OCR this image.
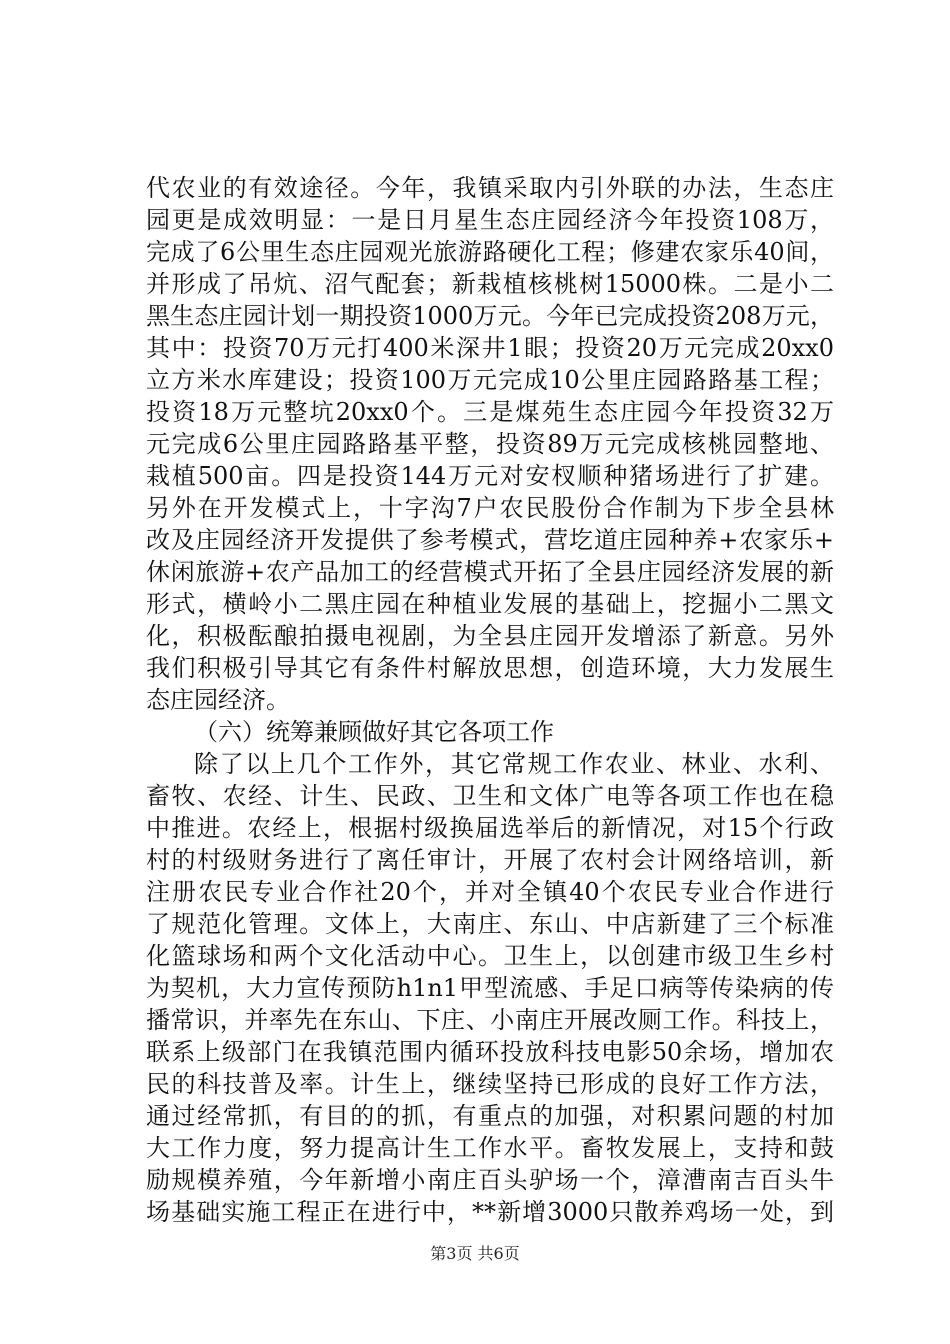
代农业的有效途径。今年，我镇采取内引外联的办法，生态庄
园更是成效明显：一是日月星生态庄园经济今年投资108万，
完成了6公里生态庄园观光旅游路硬化工程；修建农家乐40间，
并形成了吊炕、沼气配套；新栽植核桃树15000株。二是小二
黑生态庄园计划一期投资1000万元。今年已完成投资208万元，
其中：投资70万元打400米深井1眼；投资20万元完成20xx0
立方米水库建设；投资100万元完成10公里庄园路路基工程；
投资18万元整坑20xx0个。三是煤苑生态庄园今年投资32万
元完成6公里庄园路路基平整，投资89万元完成核桃园整地、
栽植500亩。四是投资144万元对安杈顺种猪场进行了扩建。
另外在开发模式上，十字沟7户农民股份合作制为下步全县林
改及庄园经济开发提供了参考模式，营圪道庄园种养+农家乐+
休闲旅游+农产品加工的经营模式开拓了全县庄园经济发展的新
形式，横岭小二黑庄园在种植业发展的基础上，挖掘小二黑文
化，积极酝酿拍摄电视剧，为全县庄园开发增添了新意。另外
我们积极引导其它有条件村解放思想，创造环境，大力发展生
态庄园经济。
（六）统筹兼顾做好其它各项工作
除了以上几个工作外，其它常规工作农业、林业、水利、
畜牧、农经、计生、民政、卫生和文体广电等各项工作也在稳
中推进。农经上，根据村级换届选举后的新情况，对15个行政
村的村级财务进行了离任审计，开展了农村会计网络培训，新
注册农民专业合作社20个，并对全镇40个农民专业合作进行
了规范化管理。文体上，大南庄、东山、中店新建了三个标准
化篮球场和两个文化活动中心。卫生上，以创建市级卫生乡村
为契机，大力宣传预防h1n1甲型流感、手足口病等传染病的传
播常识，并率先在东山、下庄、小南庄开展改厕工作。科技上，
联系上级部门在我镇范围内循环投放科技电影50余场，增加农
民的科技普及率。计生上，继续坚持已形成的良好工作方法，
通过经常抓，有目的的抓，有重点的加强，对积累问题的村加
大工作力度，努力提高计生工作水平。畜牧发展上，支持和鼓
励规模养殖，今年新增小南庄百头驴场一个，漳漕南吉百头牛
场基础实施工程正在进行中，**新增3000只散养鸡场一处，到
第3页 共6页
